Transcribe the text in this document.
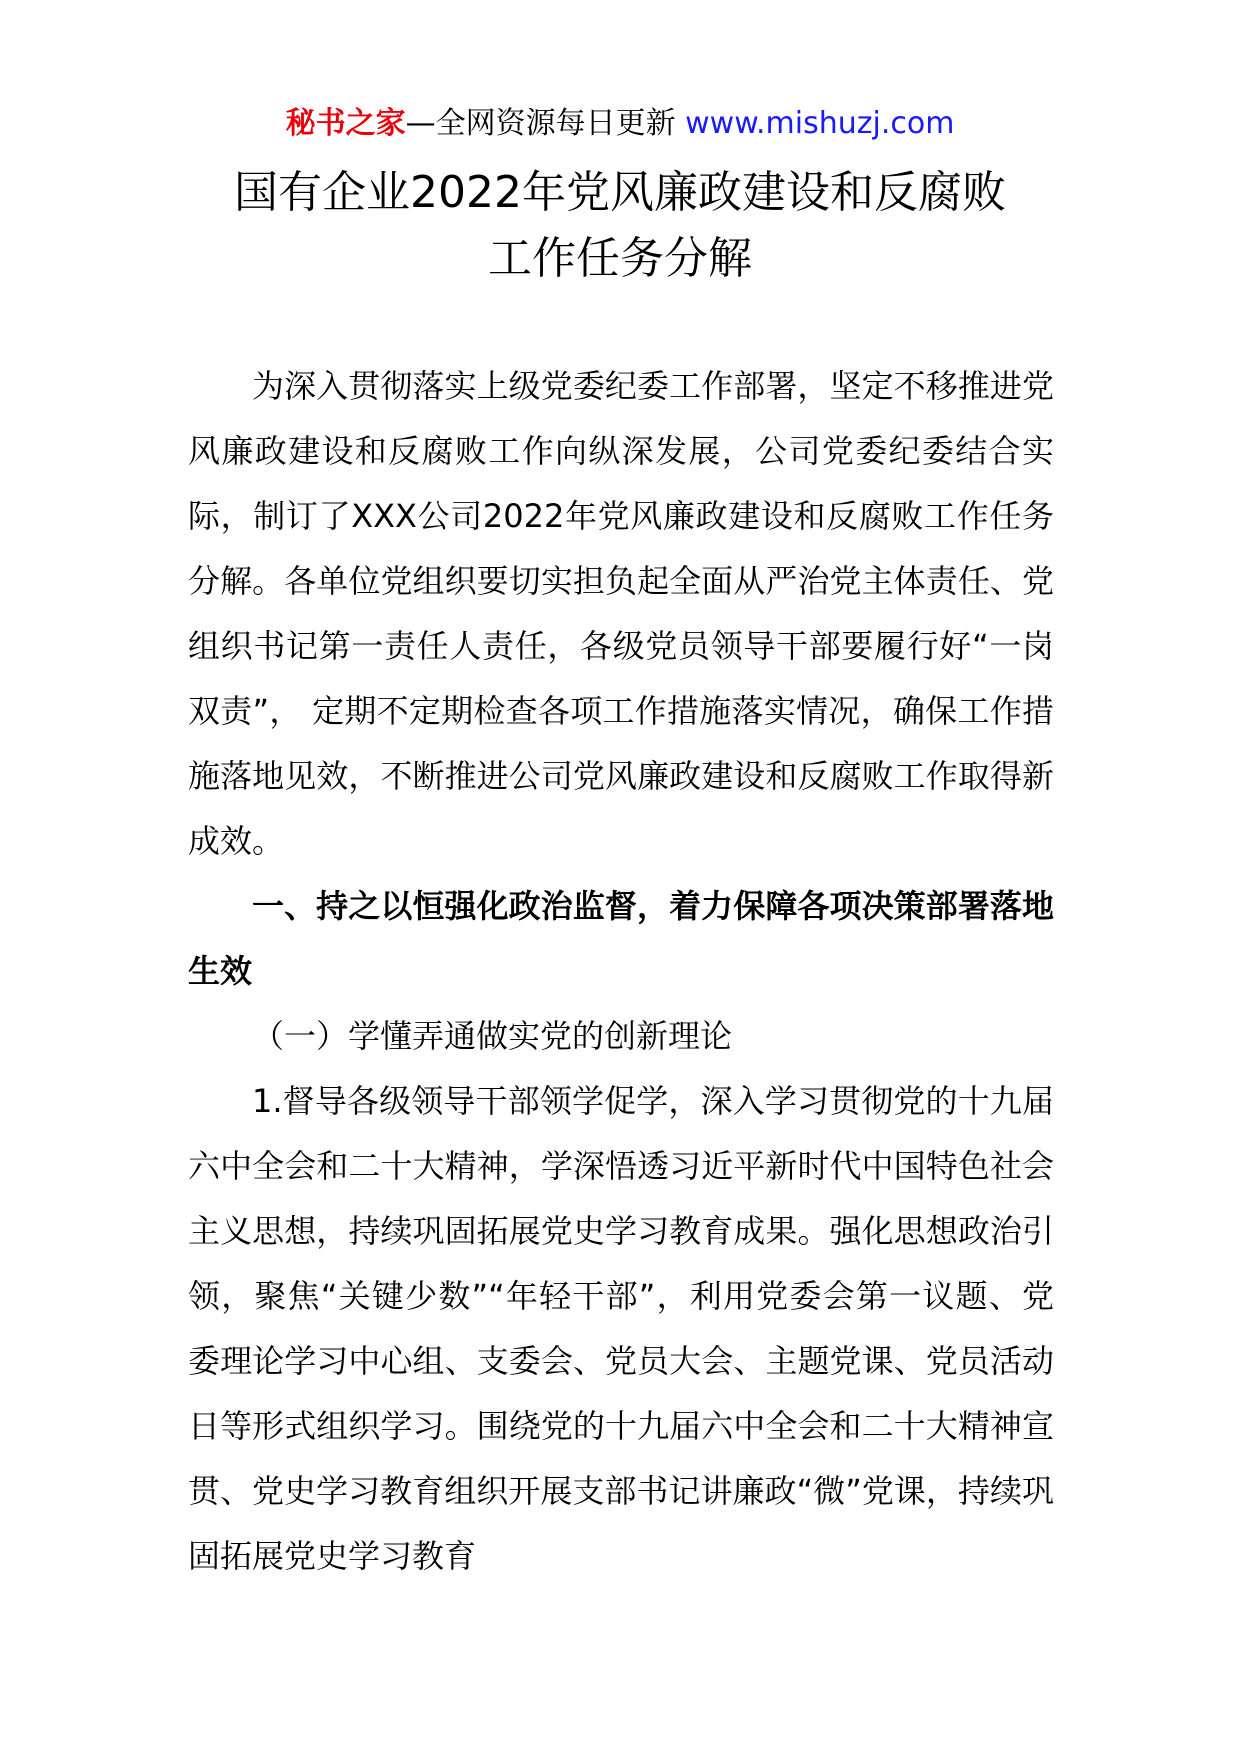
秘书之家—全网资源每日更新 www.mishuzj.com
国有企业2022年党风廉政建设和反腐败
工作任务分解

为深入贯彻落实上级党委纪委工作部署，坚定不移推进党风廉政建设和反腐败工作向纵深发展，公司党委纪委结合实际，制订了XXX公司2022年党风廉政建设和反腐败工作任务分解。各单位党组织要切实担负起全面从严治党主体责任、党组织书记第一责任人责任，各级党员领导干部要履行好“一岗双责”， 定期不定期检查各项工作措施落实情况，确保工作措施落地见效，不断推进公司党风廉政建设和反腐败工作取得新成效。

一、持之以恒强化政治监督，着力保障各项决策部署落地生效

（一）学懂弄通做实党的创新理论

1.督导各级领导干部领学促学，深入学习贯彻党的十九届六中全会和二十大精神，学深悟透习近平新时代中国特色社会主义思想，持续巩固拓展党史学习教育成果。强化思想政治引领，聚焦“关键少数”“年轻干部”，利用党委会第一议题、党委理论学习中心组、支委会、党员大会、主题党课、党员活动日等形式组织学习。围绕党的十九届六中全会和二十大精神宣贯、党史学习教育组织开展支部书记讲廉政“微”党课，持续巩固拓展党史学习教育
